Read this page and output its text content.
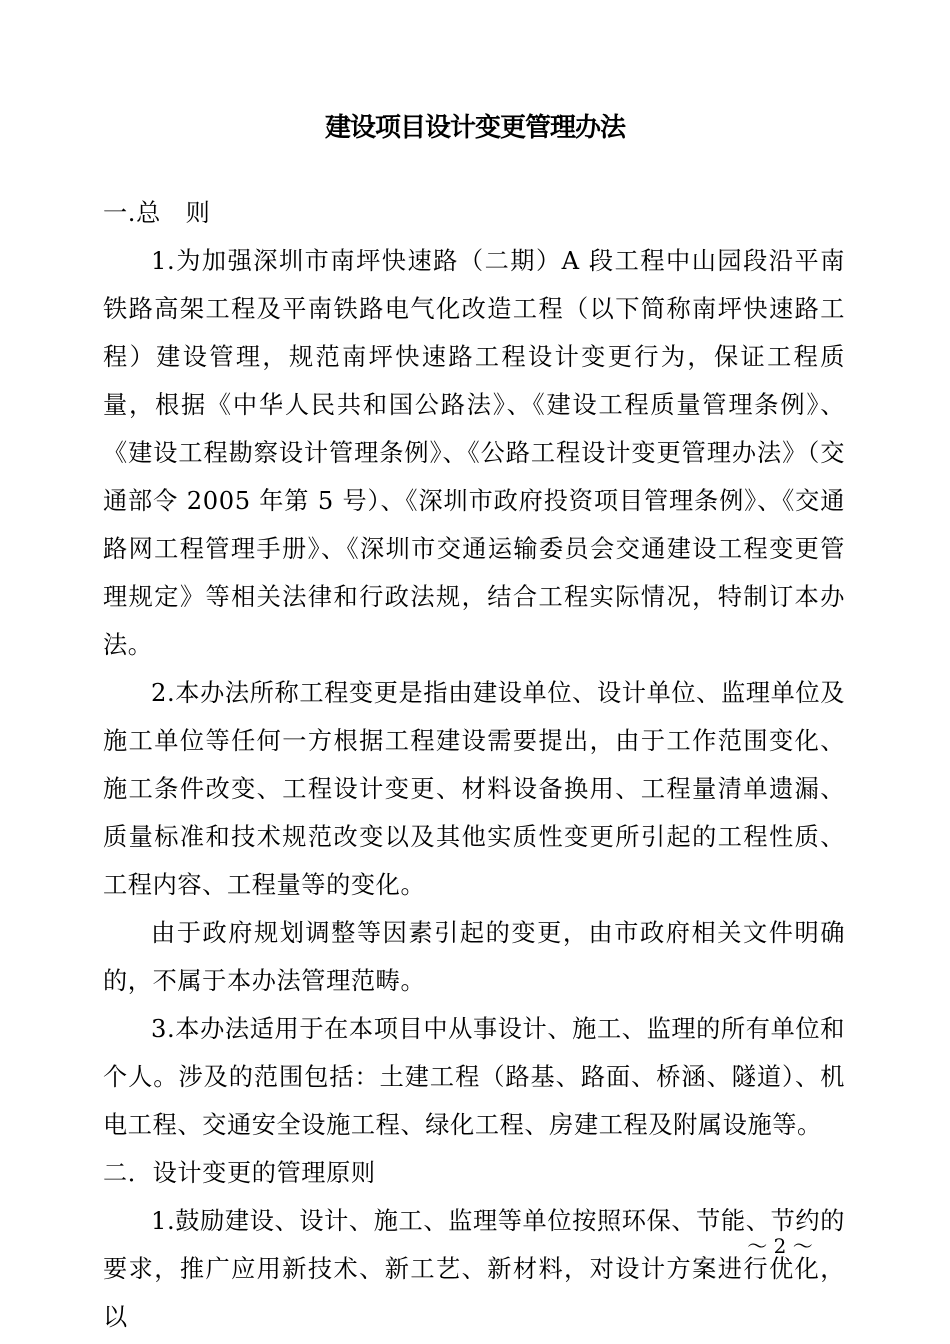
建设项目设计变更管理办法

一.总　则

1.为加强深圳市南坪快速路（二期）A 段工程中山园段沿平南铁路高架工程及平南铁路电气化改造工程（以下简称南坪快速路工程）建设管理，规范南坪快速路工程设计变更行为，保证工程质量，根据《中华人民共和国公路法》、《建设工程质量管理条例》、《建设工程勘察设计管理条例》、《公路工程设计变更管理办法》（交通部令 2005 年第 5 号）、《深圳市政府投资项目管理条例》、《交通路网工程管理手册》、《深圳市交通运输委员会交通建设工程变更管理规定》等相关法律和行政法规，结合工程实际情况，特制订本办法。

2.本办法所称工程变更是指由建设单位、设计单位、监理单位及施工单位等任何一方根据工程建设需要提出，由于工作范围变化、施工条件改变、工程设计变更、材料设备换用、工程量清单遗漏、质量标准和技术规范改变以及其他实质性变更所引起的工程性质、工程内容、工程量等的变化。

由于政府规划调整等因素引起的变更，由市政府相关文件明确的，不属于本办法管理范畴。

3.本办法适用于在本项目中从事设计、施工、监理的所有单位和个人。涉及的范围包括：土建工程（路基、路面、桥涵、隧道）、机电工程、交通安全设施工程、绿化工程、房建工程及附属设施等。

二．设计变更的管理原则

1.鼓励建设、设计、施工、监理等单位按照环保、节能、节约的要求，推广应用新技术、新工艺、新材料，对设计方案进行优化，以

～ 2 ～
